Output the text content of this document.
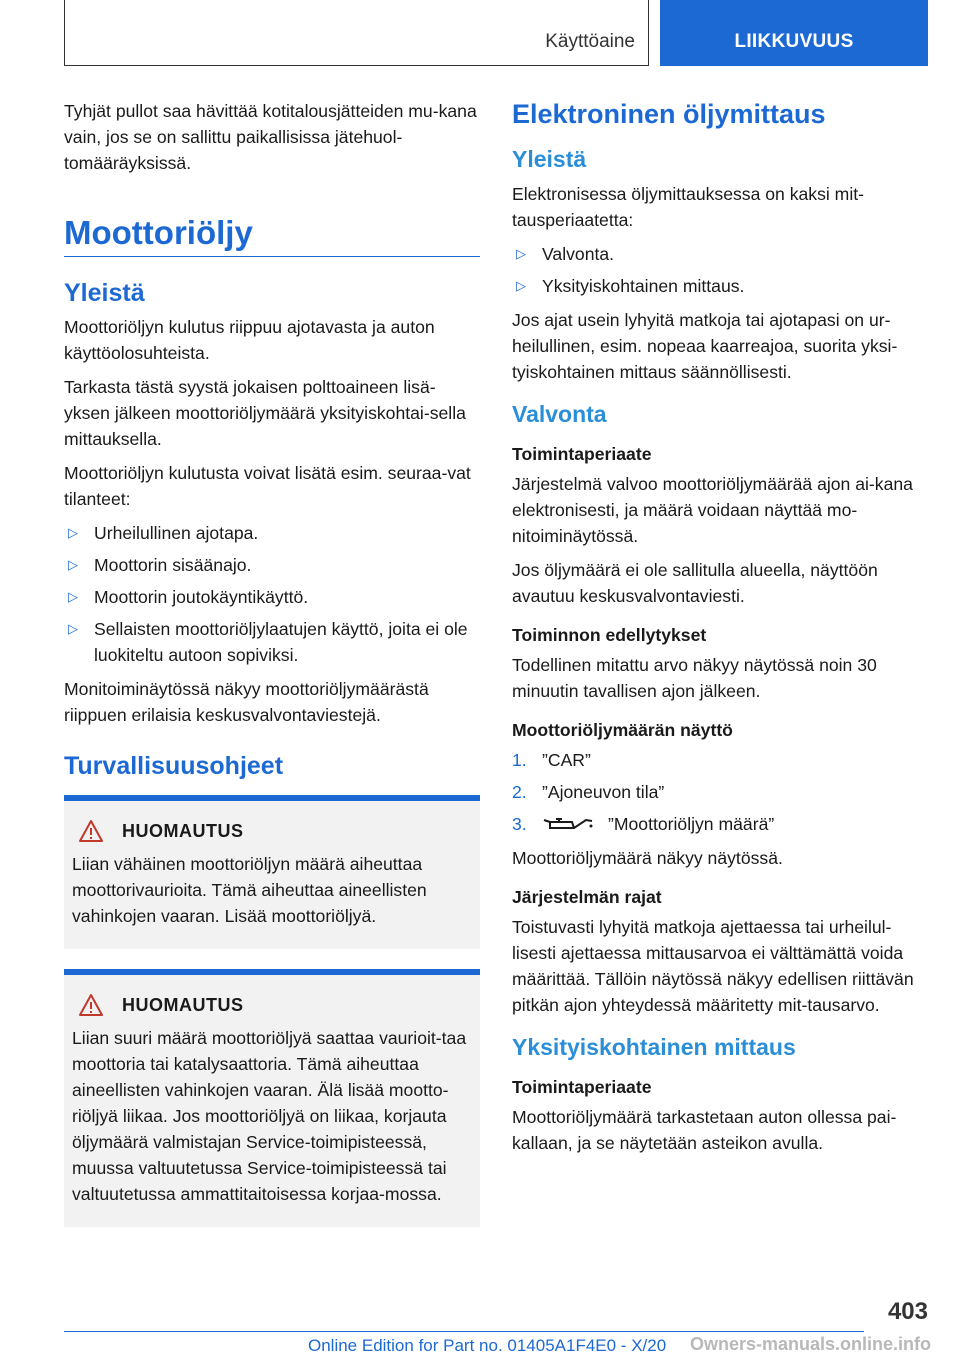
Käyttöaine	LIIKKUVUUS

Tyhjät pullot saa hävittää kotitalousjätteiden mu-kana vain, jos se on sallittu paikallisissa jätehuol-tomääräyksissä.

Moottoriöljy
Yleistä

Moottoriöljyn kulutus riippuu ajotavasta ja auton käyttöolosuhteista.

Tarkasta tästä syystä jokaisen polttoaineen lisä-yksen jälkeen moottoriöljymäärä yksityiskohtai-sella mittauksella.

Moottoriöljyn kulutusta voivat lisätä esim. seuraa-vat tilanteet:

▷ Urheilullinen ajotapa.
▷ Moottorin sisäänajo.
▷ Moottorin joutokäyntikäyttö.
▷ Sellaisten moottoriöljylaatujen käyttö, joita ei ole luokiteltu autoon sopiviksi.

Monitoiminäytössä näkyy moottoriöljymäärästä riippuen erilaisia keskusvalvontaviestejä.

Turvallisuusohjeet
HUOMAUTUS

Liian vähäinen moottoriöljyn määrä aiheuttaa moottorivaurioita. Tämä aiheuttaa aineellisten vahinkojen vaaran. Lisää moottoriöljyä.

HUOMAUTUS

Liian suuri määrä moottoriöljyä saattaa vaurioit-taa moottoria tai katalysaattoria. Tämä aiheuttaa aineellisten vahinkojen vaaran. Älä lisää mootto-riöljyä liikaa. Jos moottoriöljyä on liikaa, korjauta öljymäärä valmistajan Service-toimipisteessä, muussa valtuutetussa Service-toimipisteessä tai valtuutetussa ammattitaitoisessa korjaa-mossa.

Elektroninen öljymittaus
Yleistä

Elektronisessa öljymittauksessa on kaksi mit-tausperiaatetta:

▷ Valvonta.
▷ Yksityiskohtainen mittaus.

Jos ajat usein lyhyitä matkoja tai ajotapasi on ur-heilullinen, esim. nopeaa kaarreajoa, suorita yksi-tyiskohtainen mittaus säännöllisesti.

Valvonta
Toimintaperiaate

Järjestelmä valvoo moottoriöljymäärää ajon ai-kana elektronisesti, ja määrä voidaan näyttää mo-nitoiminäytössä.

Jos öljymäärä ei ole sallitulla alueella, näyttöön avautuu keskusvalvontaviesti.

Toiminnon edellytykset

Todellinen mitattu arvo näkyy näytössä noin 30 minuutin tavallisen ajon jälkeen.

Moottoriöljymäärän näyttö
1. ”CAR”
2. ”Ajoneuvon tila”
3.	”Moottoriöljyn määrä”

Moottoriöljymäärä näkyy näytössä.

Järjestelmän rajat

Toistuvasti lyhyitä matkoja ajettaessa tai urheilul-lisesti ajettaessa mittausarvoa ei välttämättä voida määrittää. Tällöin näytössä näkyy edellisen riittävän pitkän ajon yhteydessä määritetty mit-tausarvo.

Yksityiskohtainen mittaus
Toimintaperiaate

Moottoriöljymäärä tarkastetaan auton ollessa pai-kallaan, ja se näytetään asteikon avulla.

403
Online Edition for Part no. 01405A1F4E0 - X/20 Owners-manuals.online.info
